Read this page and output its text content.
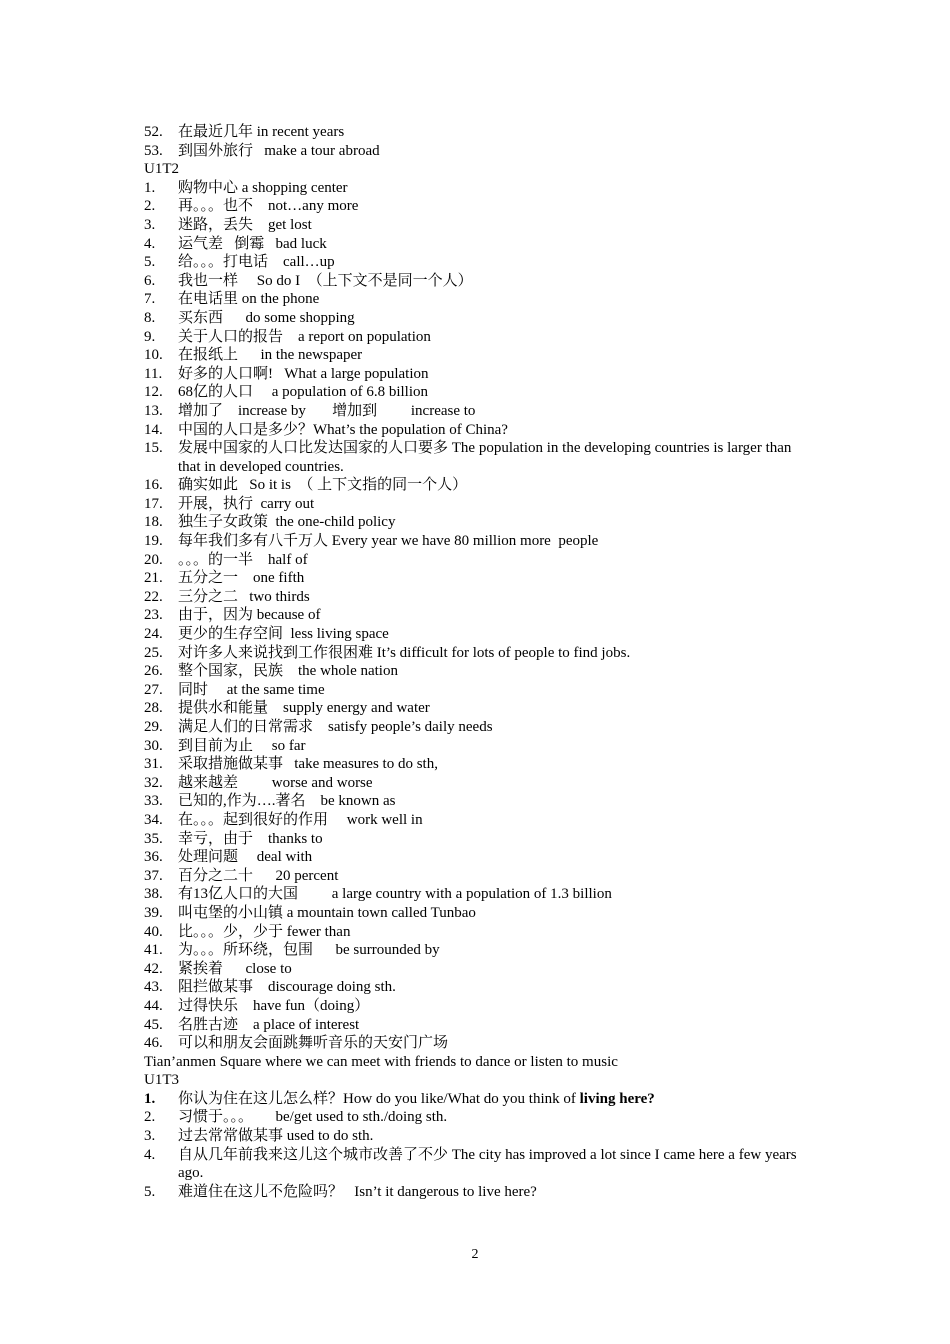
52.	在最近几年 in recent years
53.	到国外旅行   make a tour abroad
U1T2
1.	购物中心 a shopping center
2.	再。。。也不    not…any more
3.	迷路，丢失    get lost
4.	运气差   倒霉   bad luck
5.	给。。。打电话    call…up
6.	我也一样     So do I  （上下文不是同一个人）
7.	在电话里 on the phone
8.	买东西      do some shopping
9.	关于人口的报告    a report on population
10.	在报纸上      in the newspaper
11.	好多的人口啊!   What a large population
12.	68亿的人口     a population of 6.8 billion
13.	增加了    increase by       增加到         increase to
14.	中国的人口是多少？What’s the population of China?
15.	发展中国家的人口比发达国家的人口要多 The population in the developing countries is larger than that in developed countries.
16.	确实如此   So it is  （ 上下文指的同一个人）
17.	开展，执行  carry out
18.	独生子女政策  the one-child policy
19.	每年我们多有八千万人 Every year we have 80 million more  people
20.	。。。的一半    half of
21.	五分之一    one fifth
22.	三分之二   two thirds
23.	由于，因为 because of
24.	更少的生存空间  less living space
25.	对许多人来说找到工作很困难 It’s difficult for lots of people to find jobs.
26.	整个国家，民族    the whole nation
27.	同时     at the same time
28.	提供水和能量    supply energy and water
29.	满足人们的日常需求    satisfy people’s daily needs
30.	到目前为止     so far
31.	采取措施做某事   take measures to do sth,
32.	越来越差         worse and worse
33.	已知的,作为….著名    be known as
34.	在。。。起到很好的作用     work well in
35.	幸亏，由于    thanks to
36.	处理问题     deal with
37.	百分之二十      20 percent
38.	有13亿人口的大国         a large country with a population of 1.3 billion
39.	叫屯堡的小山镇 a mountain town called Tunbao
40.	比。。。少，少于 fewer than
41.	为。。。所环绕，包围      be surrounded by
42.	紧挨着      close to
43.	阻拦做某事    discourage doing sth.
44.	过得快乐    have fun（doing）
45.	名胜古迹    a place of interest
46.	可以和朋友会面跳舞听音乐的天安门广场
Tian’anmen Square where we can meet with friends to dance or listen to music
U1T3
1.	你认为住在这儿怎么样？How do you like/What do you think of living here?
2.	习惯于。。。      be/get used to sth./doing sth.
3.	过去常常做某事 used to do sth.
4.	自从几年前我来这儿这个城市改善了不少 The city has improved a lot since I came here a few years ago.
5.	难道住在这儿不危险吗？   Isn’t it dangerous to live here?
2
